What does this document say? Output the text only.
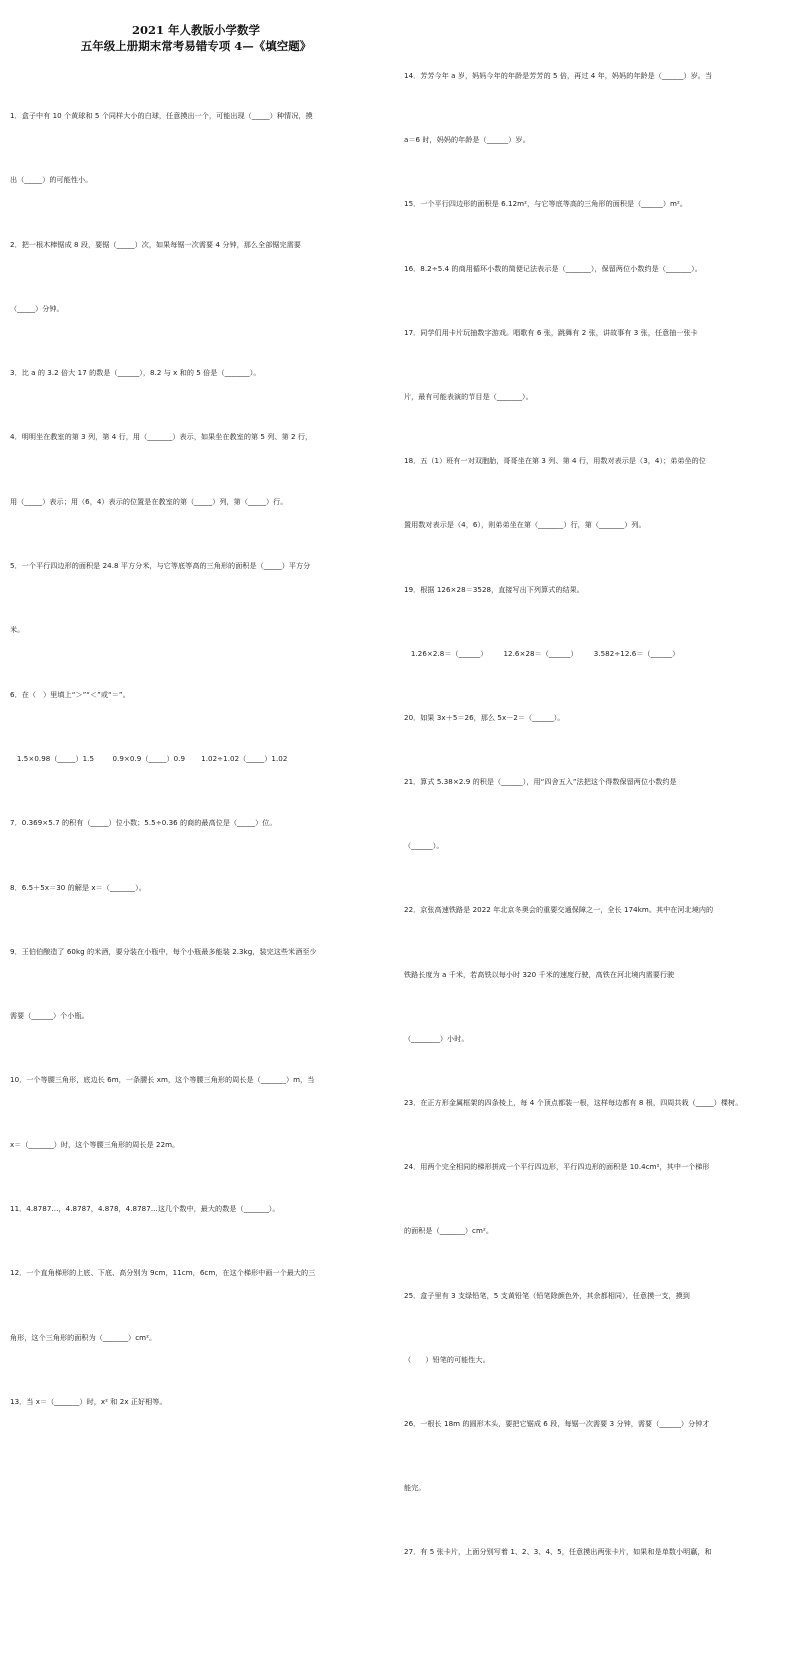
2021 年人教版小学数学
五年级上册期末常考易错专项 4—《填空题》

1．盒子中有 10 个黄球和 5 个同样大小的白球，任意摸出一个，可能出现（_____）种情况，摸

出（_____）的可能性小。

2．把一根木棒锯成 8 段，要锯（_____）次，如果每锯一次需要 4 分钟，那么全部锯完需要

（_____）分钟。

3．比 a 的 3.2 倍大 17 的数是（______），8.2 与 x 和的 5 倍是（_______）。

4．明明坐在教室的第 3 列，第 4 行，用（_______）表示，如果坐在教室的第 5 列、第 2 行，

用（_____）表示；用（6，4）表示的位置是在教室的第（_____）列，第（_____）行。

5．一个平行四边形的面积是 24.8 平方分米，与它等底等高的三角形的面积是（_____）平方分

米。

6．在（　）里填上“＞”“＜”或“＝”。

1.5×0.98（_____）1.5        0.9×0.9（_____）0.9       1.02÷1.02（_____）1.02

7．0.369×5.7 的积有（_____）位小数；5.5÷0.36 的商的最高位是（_____）位。

8．6.5＋5x＝30 的解是 x＝（_______）。

9．王伯伯酿造了 60kg 的米酒，要分装在小瓶中，每个小瓶最多能装 2.3kg，装完这些米酒至少

需要（______）个小瓶。

10．一个等腰三角形，底边长 6m，一条腰长 xm，这个等腰三角形的周长是（_______）m，当

x＝（_______）时，这个等腰三角形的周长是 22m。

11．4.8787…，4.878̇7̇，4.87̇8̇，4.8787…这几个数中，最大的数是（_______）。

12．一个直角梯形的上底、下底、高分别为 9cm，11cm，6cm，在这个梯形中画一个最大的三

角形，这个三角形的面积为（_______）cm²。

13．当 x＝（_______）时，x² 和 2x 正好相等。

14．芳芳今年 a 岁，妈妈今年的年龄是芳芳的 5 倍，再过 4 年，妈妈的年龄是（______）岁。当

a＝6 时，妈妈的年龄是（______）岁。

15．一个平行四边形的面积是 6.12m²，与它等底等高的三角形的面积是（______）m²。

16．8.2÷5.4 的商用循环小数的简便记法表示是（_______），保留两位小数约是（_______）。

17．同学们用卡片玩抽数字游戏。唱歌有 6 张，跳舞有 2 张，讲故事有 3 张，任意抽一张卡

片，最有可能表演的节目是（_______）。

18．五（1）班有一对双胞胎，哥哥坐在第 3 列、第 4 行，用数对表示是（3，4）；弟弟坐的位

置用数对表示是（4，6），则弟弟坐在第（_______）行，第（_______）列。

19．根据 126×28＝3528，直接写出下列算式的结果。

1.26×2.8＝（______）       12.6×28＝（______）       3.582÷12.6＝（______）

20．如果 3x＋5＝26，那么 5x－2＝（______）。

21．算式 5.38×2.9 的积是（______），用“四舍五入”法把这个得数保留两位小数约是

（______）。

22．京张高速铁路是 2022 年北京冬奥会的重要交通保障之一，全长 174km。其中在河北境内的

铁路长度为 a 千米，若高铁以每小时 320 千米的速度行驶，高铁在河北境内需要行驶

（________）小时。

23．在正方形金属框架的四条棱上，每 4 个顶点都装一根，这样每边都有 8 根，四周共栽（_____）棵树。

24．用两个完全相同的梯形拼成一个平行四边形，平行四边形的面积是 10.4cm²，其中一个梯形

的面积是（_______）cm²。

25．盒子里有 3 支绿铅笔，5 支黄铅笔（铅笔除颜色外，其余都相同），任意摸一支，摸到

（　　）铅笔的可能性大。

26．一根长 18m 的圆形木头，要把它锯成 6 段，每锯一次需要 3 分钟，需要（______）分钟才

能完。

27．有 5 张卡片，上面分别写着 1、2、3、4、5，任意摸出两张卡片，如果和是单数小明赢，和
